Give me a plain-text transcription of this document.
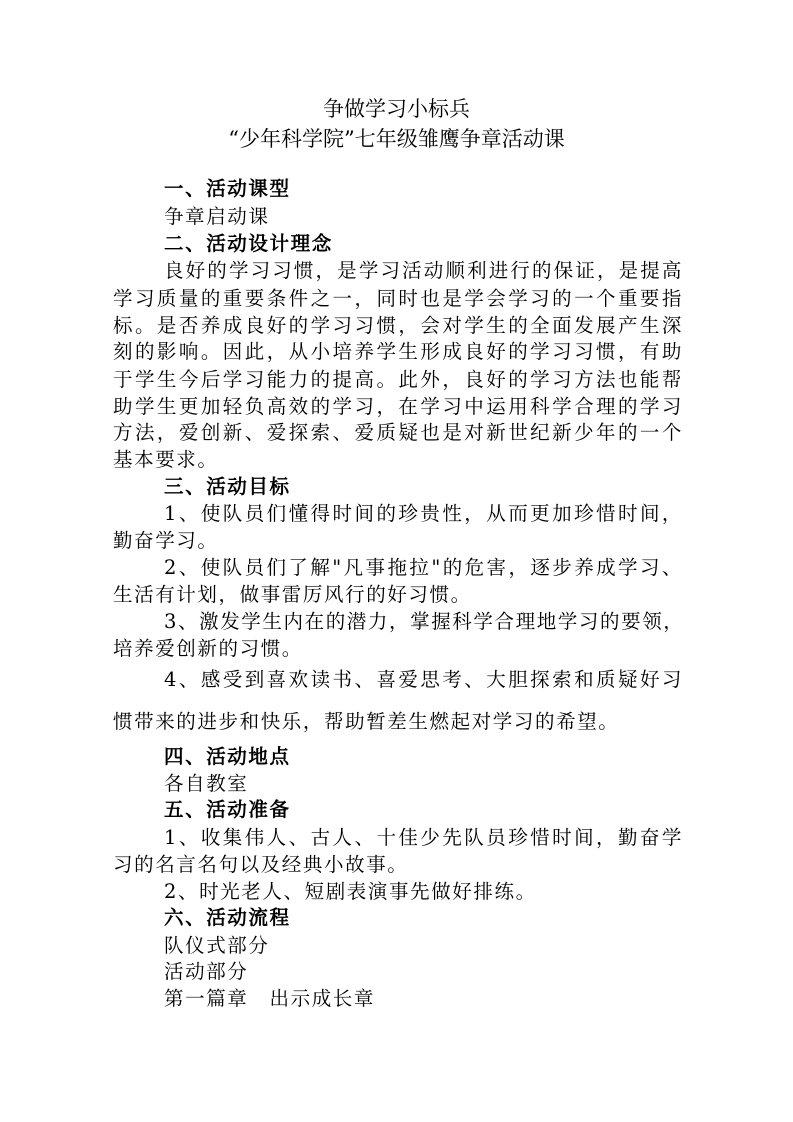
争做学习小标兵
“少年科学院”七年级雏鹰争章活动课
一、活动课型
争章启动课
二、活动设计理念
良好的学习习惯，是学习活动顺利进行的保证，是提高
学习质量的重要条件之一，同时也是学会学习的一个重要指
标。是否养成良好的学习习惯，会对学生的全面发展产生深
刻的影响。因此，从小培养学生形成良好的学习习惯，有助
于学生今后学习能力的提高。此外，良好的学习方法也能帮
助学生更加轻负高效的学习，在学习中运用科学合理的学习
方法，爱创新、爱探索、爱质疑也是对新世纪新少年的一个
基本要求。
三、活动目标
1、使队员们懂得时间的珍贵性，从而更加珍惜时间，
勤奋学习。
2、使队员们了解"凡事拖拉"的危害，逐步养成学习、
生活有计划，做事雷厉风行的好习惯。
3、激发学生内在的潜力，掌握科学合理地学习的要领，
培养爱创新的习惯。
4、感受到喜欢读书、喜爱思考、大胆探索和质疑好习
惯带来的进步和快乐，帮助暂差生燃起对学习的希望。
四、活动地点
各自教室
五、活动准备
1、收集伟人、古人、十佳少先队员珍惜时间，勤奋学
习的名言名句以及经典小故事。
2、时光老人、短剧表演事先做好排练。
六、活动流程
队仪式部分
活动部分
第一篇章　出示成长章
